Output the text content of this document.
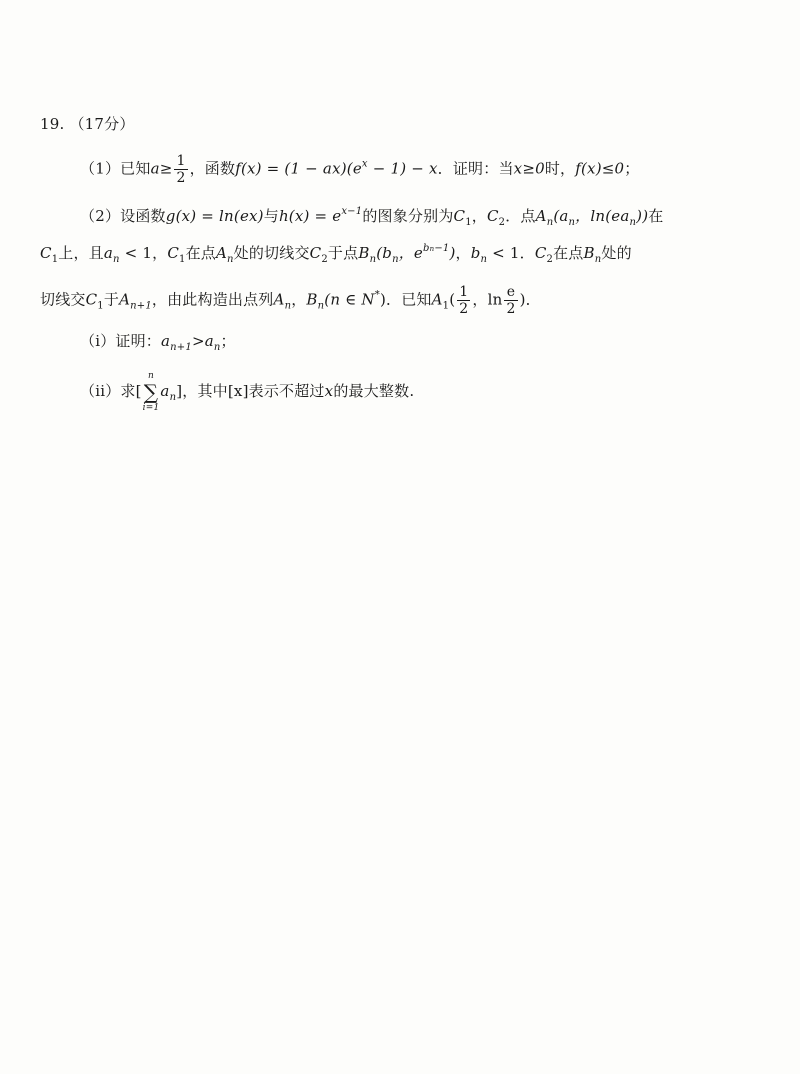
19. （17分）
（1）已知$a\ge \frac{1}{2}$ ，函数$f(x) = (1 - ax)(e^x - 1) - x$．证明：当x≥0时，f(x)≤0；
（2）设函数g(x) = ln(ex)与$h(x) = e^{x-1}$的图象分别为$C_1$，$C_2$．点$A_n(a_n$，$\ln(ea_n)$)在
$C_1$上，且$a_n < 1$，$C_1$在点$A_n$处的切线交$C_2$于点$B_n(b_n$，$e^{bn-1}$)，$b_n < 1$．$C_2$在点$B_n$处的
切线交$C_1$于$A_{n+1}$，由此构造出点列$A_n$，$B_n(n$ ∈ N*)．已知$A_1( \frac{1}{2}$ ，$\ln \frac{e}{2}$ )．
（i）证明：$a_{n+1}>a_n$；
（ii）求[
n
∑
i=1
$a_n$]，其中[x]表示不超过x的最大整数.
